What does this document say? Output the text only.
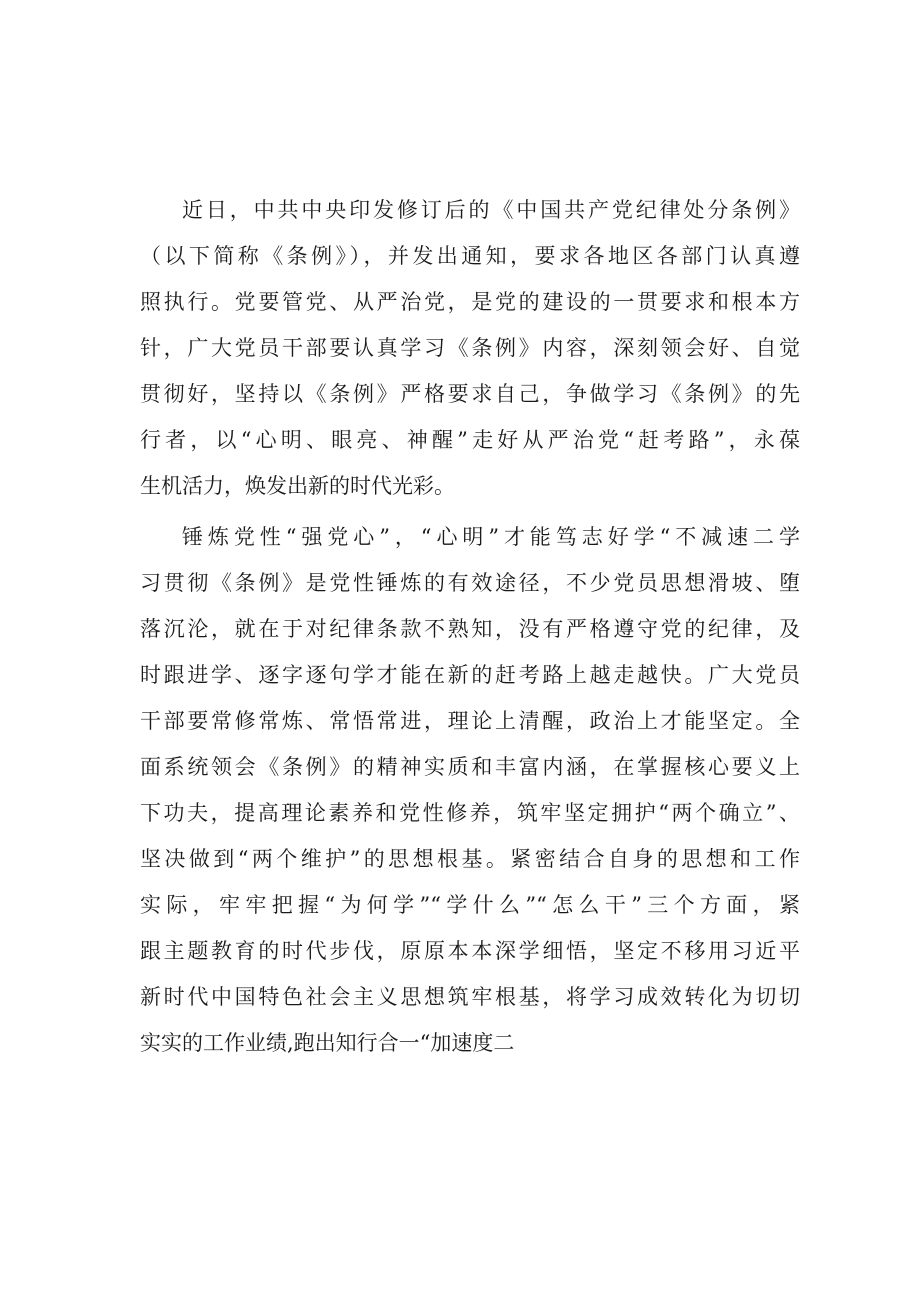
近日，中共中央印发修订后的《中国共产党纪律处分条例》
（以下简称《条例》），并发出通知，要求各地区各部门认真遵
照执行。党要管党、从严治党，是党的建设的一贯要求和根本方
针，广大党员干部要认真学习《条例》内容，深刻领会好、自觉
贯彻好，坚持以《条例》严格要求自己，争做学习《条例》的先
行者，以“心明、眼亮、神醒”走好从严治党“赶考路”，永葆
生机活力，焕发出新的时代光彩。
锤炼党性“强党心”，“心明”才能笃志好学“不减速二学
习贯彻《条例》是党性锤炼的有效途径，不少党员思想滑坡、堕
落沉沦，就在于对纪律条款不熟知，没有严格遵守党的纪律，及
时跟进学、逐字逐句学才能在新的赶考路上越走越快。广大党员
干部要常修常炼、常悟常进，理论上清醒，政治上才能坚定。全
面系统领会《条例》的精神实质和丰富内涵，在掌握核心要义上
下功夫，提高理论素养和党性修养，筑牢坚定拥护“两个确立”、
坚决做到“两个维护”的思想根基。紧密结合自身的思想和工作
实际，牢牢把握“为何学”“学什么”“怎么干”三个方面，紧
跟主题教育的时代步伐，原原本本深学细悟，坚定不移用习近平
新时代中国特色社会主义思想筑牢根基，将学习成效转化为切切
实实的工作业绩,跑出知行合一“加速度二
